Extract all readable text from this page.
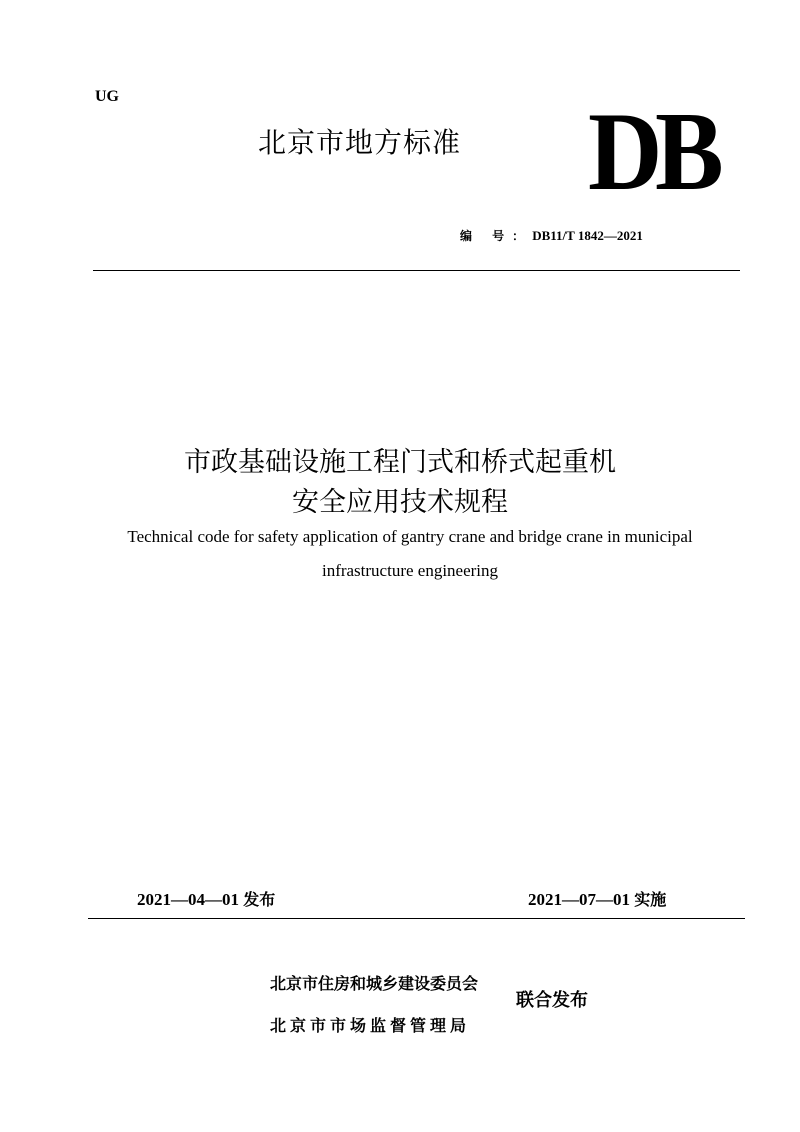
UG
北京市地方标准 DB
编 号：DB11/T 1842—2021
市政基础设施工程门式和桥式起重机
安全应用技术规程
Technical code for safety application of gantry crane and bridge crane in municipal
infrastructure engineering
2021—04—01 发布	2021—07—01 实施
北京市住房和城乡建设委员会
北京市市场监督管理局
联合发布
